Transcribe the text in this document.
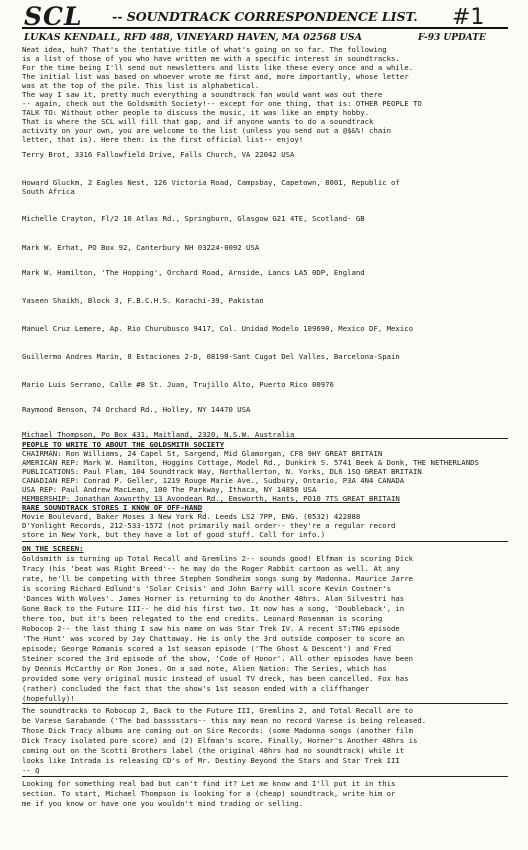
SCL -- SOUNDTRACK CORRESPONDENCE LIST. #1
LUKAS KENDALL, RFD 488, VINEYARD HAVEN, MA 02568 USA	F-93 UPDATE
Neat idea, huh? That's the tentative title of what's going on so far. The following
is a list of those of you who have written me with a specific interest in soundtracks.
For the time being I'll send out newsletters and lists like these every once and a while.
The initial list was based on whoever wrote me first and, more importantly, whose letter
was at the top of the pile. This list is alphabetical.
The way I saw it, pretty much everything a soundtrack fan would want was out there
-- again, check out the Goldsmith Society!-- except for one thing, that is: OTHER PEOPLE TO
TALK TO: Without other people to discuss the music, it was like an empty hobby.
That is where the SCL will fill that gap, and if anyone wants to do a soundtrack
activity on your own, you are welcome to the list (unless you send out a @$&%! chain
letter, that is). Here then: is the first official list-- enjoy!
Terry Brot, 3316 Fallowfield Drive, Falls Church, VA 22042 USA
Howard Gluckm, 2 Eagles Nest, 126 Victoria Road, Campsbay, Capetown, 8001, Republic of
South Africa
Michelle Crayton, Fl/2 10 Atlas Rd., Springburn, Glasgow G21 4TE, Scotland- GB
Mark W. Erhat, PO Box 92, Canterbury NH 03224-0092 USA
Mark W. Hamilton, 'The Hopping', Orchard Road, Arnside, Lancs LA5 0DP, England
Yaseen Shaikh, Block 3, F.B.C.H.S. Karachi-39, Pakistan
Manuel Cruz Lemere, Ap. Rio Churubusco 9417, Col. Unidad Modelo 109690, Mexico DF, Mexico
Guillermo Andres Marin, 8 Estaciones 2-D, 08190-Sant Cugat Del Valles, Barcelona-Spain
Mario Luis Serrano, Calle #8 St. Juan, Trujillo Alto, Puerto Rico 00976
Raymond Benson, 74 Orchard Rd., Holley, NY 14470 USA
Michael Thompson, Po Box 431, Maitland, 2320, N.S.W. Australia
PEOPLE TO WRITE TO ABOUT THE GOLDSMITH SOCIETY
CHAIRMAN: Ron Williams, 24 Capel St, Sargend, Mid Glamorgan, CF8 9HY GREAT BRITAIN
AMERICAN REP: Mark W. Hamilton, Hoggins Cottage, Model Rd., Dunkirk S. 5741 Beek & Donk, THE NETHERLANDS
PUBLICATIONS: Paul Flam, 104 Soundtrack Way, Northallerton, N. Yorks, DL6 1SQ GREAT BRITAIN
CANADIAN REP: Conrad P. Geller, 1219 Rouge Marie Ave., Sudbury, Ontario, P3A 4N4 CANADA
USA REP: Paul Andrew MacLean, 100 The Parkway, Ithaca, NY 14850 USA
MEMBERSHIP: Jonathan Axworthy 13 Avondean Rd., Emsworth, Hants, PO10 7TS GREAT BRITAIN
RARE SOUNDTRACK STORES I KNOW OF OFF-HAND
Movie Boulevard, Baker Moses 3 New York Rd. Leeds LS2 7PP, ENG. (0532) 422888
D'Yonlight Records, 212-533-1572 (not primarily mail order-- they're a regular record
store in New York, but they have a lot of good stuff. Call for info.)
ON THE SCREEN:
Goldsmith is turning up Total Recall and Gremlins 2-- sounds good! Elfman is scoring Dick
Tracy (his 'beat was Right Breed'-- he may do the Roger Rabbit cartoon as well. At any
rate, he'll be competing with three Stephen Sondheim songs sung by Madonna. Maurice Jarre
is scoring Richard Edlund's 'Solar Crisis' and John Barry will score Kevin Costner's
'Dances With Wolves'. James Horner is returning to do Another 48hrs. Alan Silvestri has
Gone Back to the Future III-- he did his first two. It now has a song, 'Doubleback', in
there too, but it's been relegated to the end credits. Leonard Rosenman is scoring
Robocop 2-- the last thing I saw his name on was Star Trek IV. A recent ST:TNG episode
'The Hunt' was scored by Jay Chattaway. He is only the 3rd outside composer to score an
episode; George Romanis scored a 1st season episode ('The Ghost & Descent') and Fred
Steiner scored the 3rd episode of the show, 'Code of Honor'. All other episodes have been
by Dennis McCarthy or Ron Jones. On a sad note, Alien Nation: The Series, which has
provided some very original music instead of usual TV dreck, has been cancelled. Fox has
(rather) concluded the fact that the show's 1st season ended with a cliffhanger
(hopefully)!
The soundtracks to Robocop 2, Back to the Future III, Gremlins 2, and Total Recall are to
be Varese Sarabande ('The bad basssstars-- this may mean no record Varese is being released.
Those Dick Tracy albums are coming out on Sire Records: (some Madonna songs (another film
Dick Tracy isolated pure score) and (2) Elfman's score. Finally, Horner's Another 48hrs is
coming out on the Scotti Brothers label (the original 48hrs had no soundtrack) while it
looks like Intrada is releasing CD's of Mr. Destiny Beyond the Stars and Star Trek III
-- Q
Looking for something real bad but can't find it? Let me know and I'll put it in this
section. To start, Michael Thompson is looking for a (cheap) soundtrack, write him or
me if you know or have one you wouldn't mind trading or selling.
